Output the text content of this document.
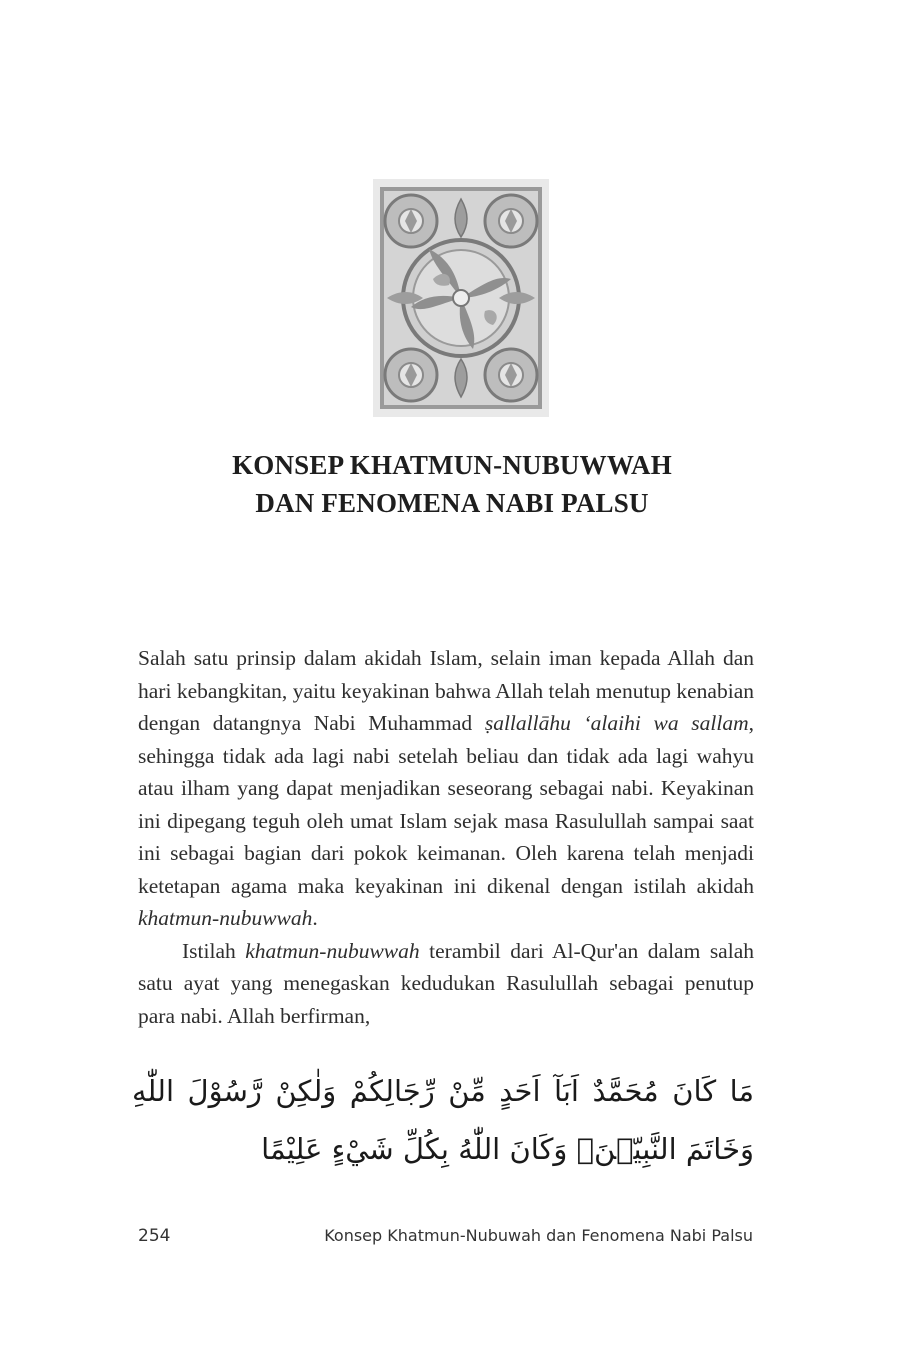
KONSEP KHATMUN-NUBUWWAH
DAN FENOMENA NABI PALSU

Salah satu prinsip dalam akidah Islam, selain iman kepada Allah dan hari kebangkitan, yaitu keyakinan bahwa Allah telah menutup kenabian dengan datangnya Nabi Muhammad ṣallallāhu ‘alaihi wa sallam, sehingga tidak ada lagi nabi setelah beliau dan tidak ada lagi wahyu atau ilham yang dapat menjadikan seseorang sebagai nabi. Keyakinan ini dipegang teguh oleh umat Islam sejak masa Rasulullah sampai saat ini sebagai bagian dari pokok keimanan. Oleh karena telah menjadi ketetapan agama maka keyakinan ini dikenal dengan istilah akidah khatmun-nubuwwah.

Istilah khatmun-nubuwwah terambil dari Al-Qur'an dalam salah satu ayat yang menegaskan kedudukan Rasulullah sebagai penutup para nabi. Allah berfirman,

مَا كَانَ مُحَمَّدٌ اَبَآ اَحَدٍ مِّنْ رِّجَالِكُمْ وَلٰكِنْ رَّسُوْلَ اللّٰهِ وَخَاتَمَ النَّبِيّٖنَۗ وَكَانَ اللّٰهُ بِكُلِّ شَيْءٍ عَلِيْمًا
254	Konsep Khatmun-Nubuwah dan Fenomena Nabi Palsu
